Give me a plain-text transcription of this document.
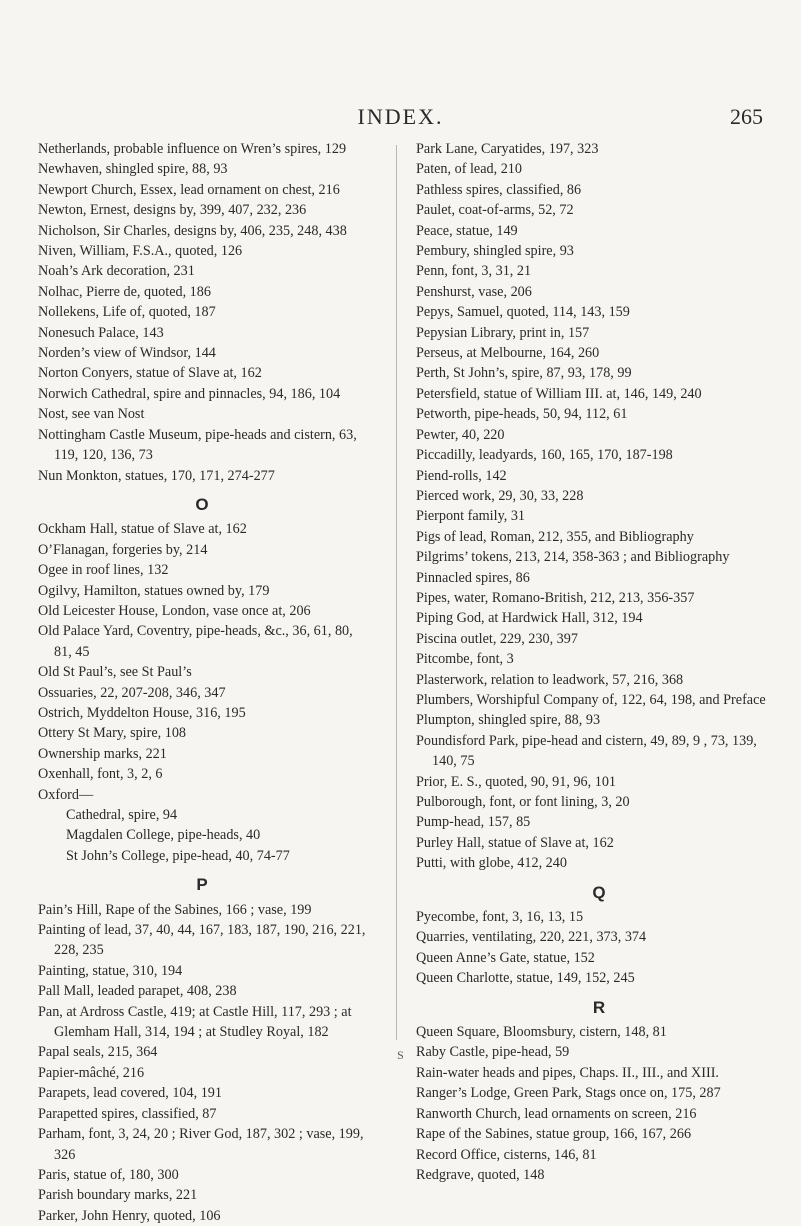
INDEX.	265
Netherlands, probable influence on Wren’s spires, 129
Newhaven, shingled spire, 88, 93
Newport Church, Essex, lead ornament on chest, 216
Newton, Ernest, designs by, 399, 407, 232, 236
Nicholson, Sir Charles, designs by, 406, 235, 248, 438
Niven, William, F.S.A., quoted, 126
Noah’s Ark decoration, 231
Nolhac, Pierre de, quoted, 186
Nollekens, Life of, quoted, 187
Nonesuch Palace, 143
Norden’s view of Windsor, 144
Norton Conyers, statue of Slave at, 162
Norwich Cathedral, spire and pinnacles, 94, 186, 104
Nost, see van Nost
Nottingham Castle Museum, pipe-heads and cistern, 63, 119, 120, 136, 73
Nun Monkton, statues, 170, 171, 274-277
O
Ockham Hall, statue of Slave at, 162
O’Flanagan, forgeries by, 214
Ogee in roof lines, 132
Ogilvy, Hamilton, statues owned by, 179
Old Leicester House, London, vase once at, 206
Old Palace Yard, Coventry, pipe-heads, &c., 36, 61, 80, 81, 45
Old St Paul’s, see St Paul’s
Ossuaries, 22, 207-208, 346, 347
Ostrich, Myddelton House, 316, 195
Ottery St Mary, spire, 108
Ownership marks, 221
Oxenhall, font, 3, 2, 6
Oxford—
Cathedral, spire, 94
Magdalen College, pipe-heads, 40
St John’s College, pipe-head, 40, 74-77
P
Pain’s Hill, Rape of the Sabines, 166 ; vase, 199
Painting of lead, 37, 40, 44, 167, 183, 187, 190, 216, 221, 228, 235
Painting, statue, 310, 194
Pall Mall, leaded parapet, 408, 238
Pan, at Ardross Castle, 419; at Castle Hill, 117, 293 ; at Glemham Hall, 314, 194 ; at Studley Royal, 182
Papal seals, 215, 364
Papier-mâché, 216
Parapets, lead covered, 104, 191
Parapetted spires, classified, 87
Parham, font, 3, 24, 20 ; River God, 187, 302 ; vase, 199, 326
Paris, statue of, 180, 300
Parish boundary marks, 221
Parker, John Henry, quoted, 106
Park Lane, Caryatides, 197, 323
Paten, of lead, 210
Pathless spires, classified, 86
Paulet, coat-of-arms, 52, 72
Peace, statue, 149
Pembury, shingled spire, 93
Penn, font, 3, 31, 21
Penshurst, vase, 206
Pepys, Samuel, quoted, 114, 143, 159
Pepysian Library, print in, 157
Perseus, at Melbourne, 164, 260
Perth, St John’s, spire, 87, 93, 178, 99
Petersfield, statue of William III. at, 146, 149, 240
Petworth, pipe-heads, 50, 94, 112, 61
Pewter, 40, 220
Piccadilly, leadyards, 160, 165, 170, 187-198
Piend-rolls, 142
Pierced work, 29, 30, 33, 228
Pierpont family, 31
Pigs of lead, Roman, 212, 355, and Bibliography
Pilgrims’ tokens, 213, 214, 358-363 ; and Bibliography
Pinnacled spires, 86
Pipes, water, Romano-British, 212, 213, 356-357
Piping God, at Hardwick Hall, 312, 194
Piscina outlet, 229, 230, 397
Pitcombe, font, 3
Plasterwork, relation to leadwork, 57, 216, 368
Plumbers, Worshipful Company of, 122, 64, 198, and Preface
Plumpton, shingled spire, 88, 93
Poundisford Park, pipe-head and cistern, 49, 89, 9 , 73, 139, 140, 75
Prior, E. S., quoted, 90, 91, 96, 101
Pulborough, font, or font lining, 3, 20
Pump-head, 157, 85
Purley Hall, statue of Slave at, 162
Putti, with globe, 412, 240
Q
Pyecombe, font, 3, 16, 13, 15
Quarries, ventilating, 220, 221, 373, 374
Queen Anne’s Gate, statue, 152
Queen Charlotte, statue, 149, 152, 245
R
Queen Square, Bloomsbury, cistern, 148, 81
Raby Castle, pipe-head, 59
Rain-water heads and pipes, Chaps. II., III., and XIII.
Ranger’s Lodge, Green Park, Stags once on, 175, 287
Ranworth Church, lead ornaments on screen, 216
Rape of the Sabines, statue group, 166, 167, 266
Record Office, cisterns, 146, 81
Redgrave, quoted, 148
S
